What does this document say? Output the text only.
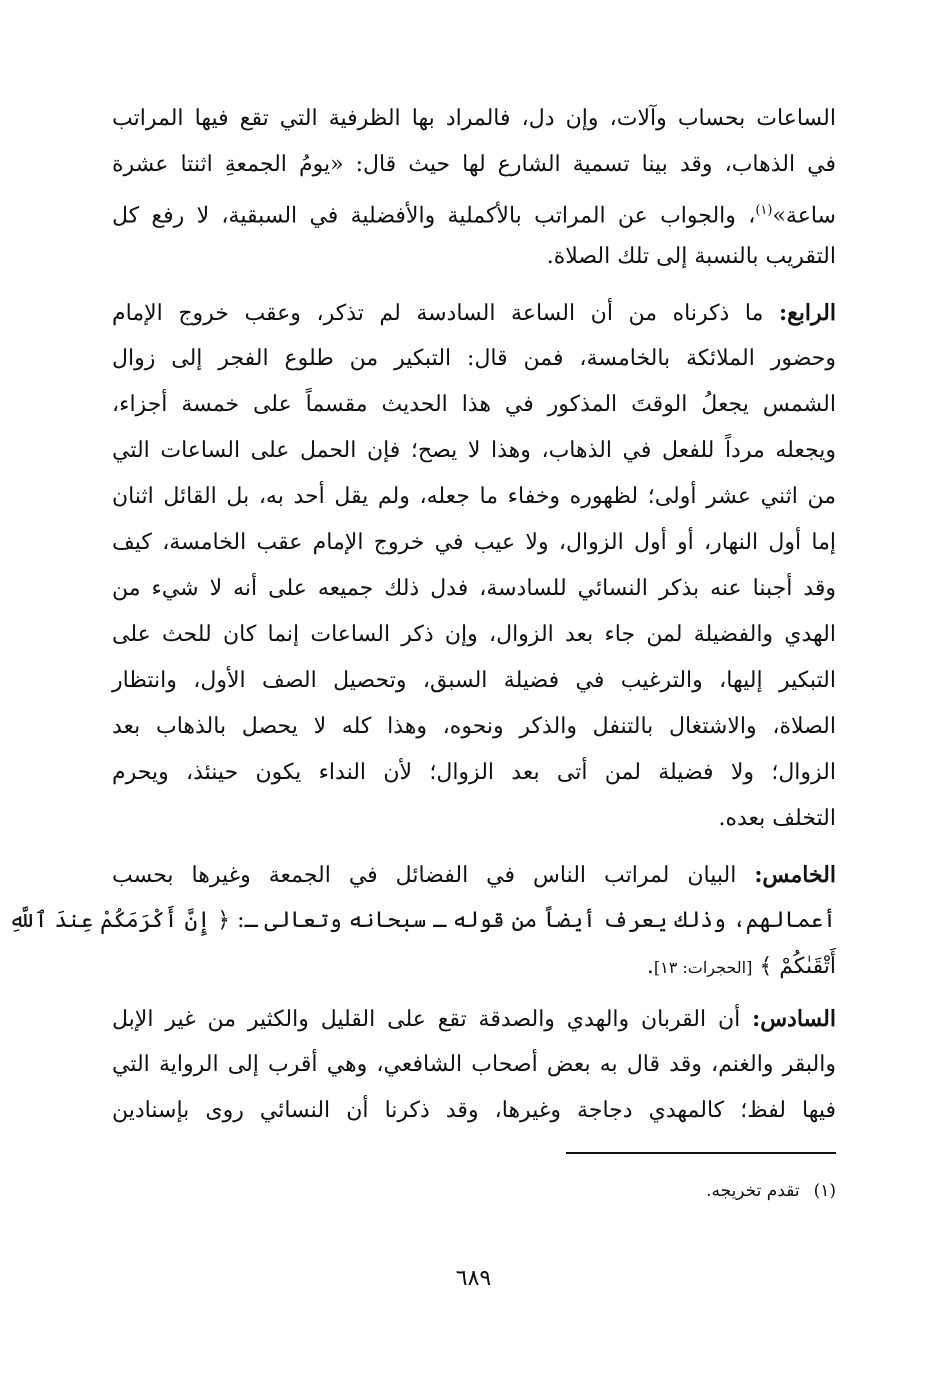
الساعات بحساب وآلات، وإن دل، فالمراد بها الظرفية التي تقع فيها المراتب
في الذهاب، وقد بينا تسمية الشارع لها حيث قال: «يومُ الجمعةِ اثنتا عشرة
ساعة»$^{(١)}$، والجواب عن المراتب بالأكملية والأفضلية في السبقية، لا رفع كل
التقريب بالنسبة إلى تلك الصلاة.
الرابع: ما ذكرناه من أن الساعة السادسة لم تذكر، وعقب خروج الإمام
وحضور الملائكة بالخامسة، فمن قال: التبكير من طلوع الفجر إلى زوال
الشمس يجعلُ الوقتَ المذكور في هذا الحديث مقسماً على خمسة أجزاء،
ويجعله مرداً للفعل في الذهاب، وهذا لا يصح؛ فإن الحمل على الساعات التي
من اثني عشر أولى؛ لظهوره وخفاء ما جعله، ولم يقل أحد به، بل القائل اثنان
إما أول النهار، أو أول الزوال، ولا عيب في خروج الإمام عقب الخامسة، كيف
وقد أجبنا عنه بذكر النسائي للسادسة، فدل ذلك جميعه على أنه لا شيء من
الهدي والفضيلة لمن جاء بعد الزوال، وإن ذكر الساعات إنما كان للحث على
التبكير إليها، والترغيب في فضيلة السبق، وتحصيل الصف الأول، وانتظار
الصلاة، والاشتغال بالتنفل والذكر ونحوه، وهذا كله لا يحصل بالذهاب بعد
الزوال؛ ولا فضيلة لمن أتى بعد الزوال؛ لأن النداء يكون حينئذ، ويحرم
التخلف بعده.
الخامس: البيان لمراتب الناس في الفضائل في الجمعة وغيرها بحسب
أعمالهم، وذلك يعرف أيضاً من قوله ـ سبحانه وتعالى ـ: ﴿ إِنَّ أَكْرَمَكُمْ عِندَ ٱللَّهِ
أَتْقَىٰكُمْ ﴾ [الحجرات: ١٣].
السادس: أن القربان والهدي والصدقة تقع على القليل والكثير من غير الإبل
والبقر والغنم، وقد قال به بعض أصحاب الشافعي، وهي أقرب إلى الرواية التي
فيها لفظ؛ كالمهدي دجاجة وغيرها، وقد ذكرنا أن النسائي روى بإسنادين
(١)تقدم تخريجه.
٦٨٩
